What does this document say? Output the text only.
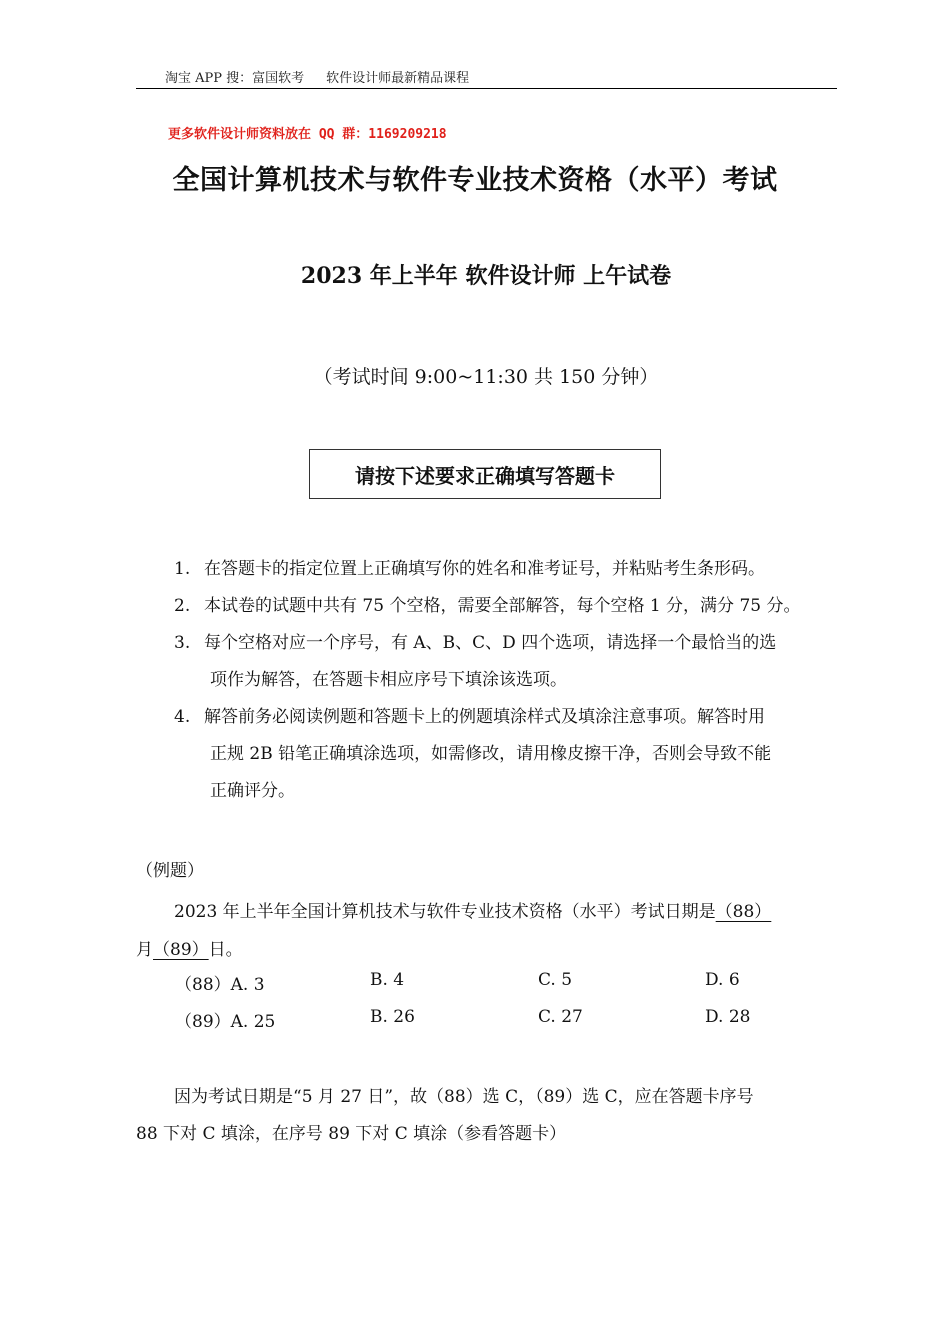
淘宝 APP 搜：富国软考 软件设计师最新精品课程
更多软件设计师资料放在 QQ 群：1169209218
全国计算机技术与软件专业技术资格（水平）考试
2023 年上半年 软件设计师 上午试卷
（考试时间 9:00~11:30 共 150 分钟）
请按下述要求正确填写答题卡
1. 在答题卡的指定位置上正确填写你的姓名和准考证号，并粘贴考生条形码。
2. 本试卷的试题中共有 75 个空格，需要全部解答，每个空格 1 分，满分 75 分。
3. 每个空格对应一个序号，有 A、B、C、D 四个选项，请选择一个最恰当的选
项作为解答，在答题卡相应序号下填涂该选项。
4. 解答前务必阅读例题和答题卡上的例题填涂样式及填涂注意事项。解答时用
正规 2B 铅笔正确填涂选项，如需修改，请用橡皮擦干净，否则会导致不能
正确评分。
（例题）
2023 年上半年全国计算机技术与软件专业技术资格（水平）考试日期是（88）
月（89）日。
（88）A. 3	B. 4	C. 5	D. 6
（89）A. 25	B. 26	C. 27	D. 28
因为考试日期是“5 月 27 日”，故（88）选 C，（89）选 C，应在答题卡序号
88 下对 C 填涂，在序号 89 下对 C 填涂（参看答题卡）
